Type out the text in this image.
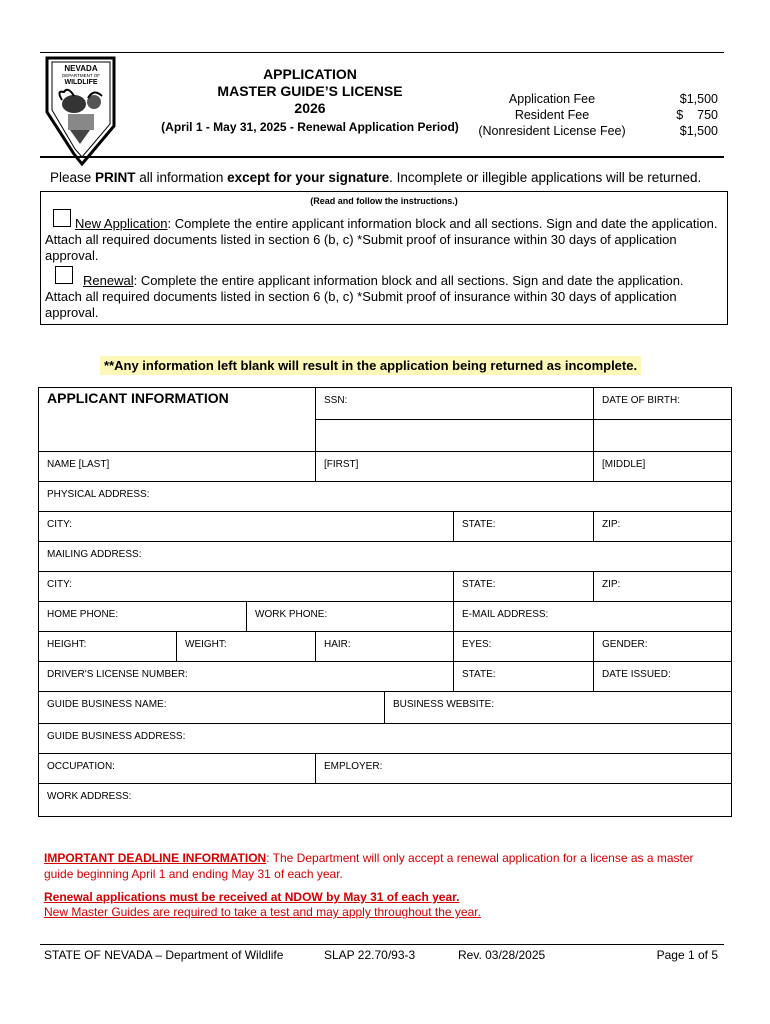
NEVADA
DEPARTMENT OF
WILDLIFE
APPLICATION
MASTER GUIDE’S LICENSE
2026
(April 1 - May 31, 2025 - Renewal Application Period)
Application Fee	$1,500
Resident Fee	$    750
(Nonresident License Fee)	$1,500
Please PRINT all information except for your signature. Incomplete or illegible applications will be returned.
(Read and follow the instructions.)
New Application: Complete the entire applicant information block and all sections. Sign and date the application. Attach all required documents listed in section 6 (b, c) *Submit proof of insurance within 30 days of application approval.
Renewal: Complete the entire applicant information block and all sections. Sign and date the application. Attach all required documents listed in section 6 (b, c) *Submit proof of insurance within 30 days of application approval.
**Any information left blank will result in the application being returned as incomplete.
APPLICANT INFORMATION	SSN:	DATE OF BIRTH:
NAME [LAST]	[FIRST]	[MIDDLE]
PHYSICAL ADDRESS:
CITY:	STATE:	ZIP:
MAILING ADDRESS:
CITY:	STATE:	ZIP:
HOME PHONE:	WORK PHONE:	E-MAIL ADDRESS:
HEIGHT:	WEIGHT:	HAIR:	EYES:	GENDER:
DRIVER'S LICENSE NUMBER:	STATE:	DATE ISSUED:
GUIDE BUSINESS NAME:	BUSINESS WEBSITE:
GUIDE BUSINESS ADDRESS:
OCCUPATION:	EMPLOYER:
WORK ADDRESS:
IMPORTANT DEADLINE INFORMATION: The Department will only accept a renewal application for a license as a master guide beginning April 1 and ending May 31 of each year.
Renewal applications must be received at NDOW by May 31 of each year.
New Master Guides are required to take a test and may apply throughout the year.
STATE OF NEVADA – Department of Wildlife	SLAP 22.70/93-3	Rev. 03/28/2025	Page 1 of 5
